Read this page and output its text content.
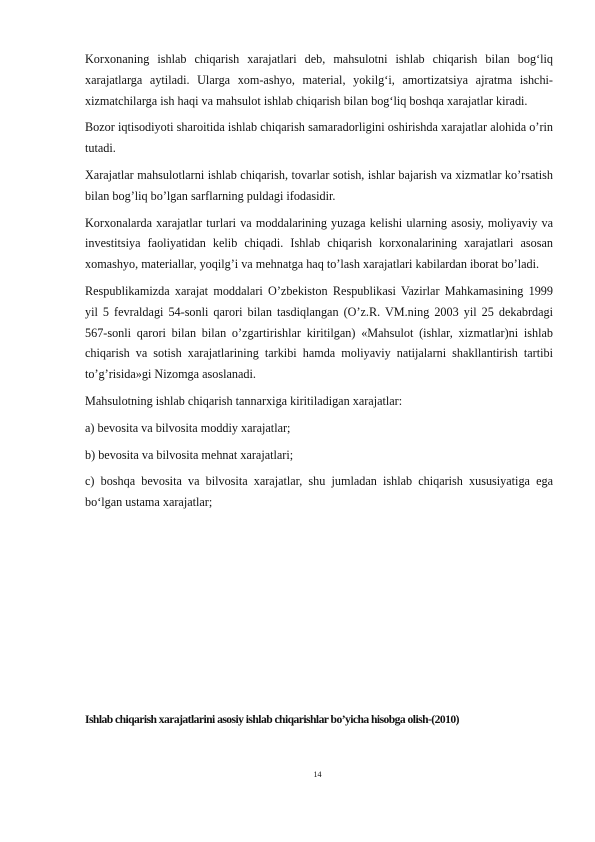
Korxonaning ishlab chiqarish xarajatlari deb, mahsulotni ishlab chiqarish bilan bog‘liq xarajatlarga aytiladi. Ularga xom-ashyo, material, yokilg‘i, amortizatsiya ajratma ishchi-xizmatchilarga ish haqi va mahsulot ishlab chiqarish bilan bog‘liq boshqa xarajatlar kiradi.

Bozor iqtisodiyoti sharoitida ishlab chiqarish samaradorligini oshirishda xarajatlar alohida o’rin tutadi.

Xarajatlar mahsulotlarni ishlab chiqarish, tovarlar sotish, ishlar bajarish va xizmatlar ko’rsatish bilan bog’liq bo’lgan sarflarning puldagi ifodasidir.

Korxonalarda xarajatlar turlari va moddalarining yuzaga kelishi ularning asosiy, moliyaviy va investitsiya faoliyatidan kelib chiqadi. Ishlab chiqarish korxonalarining xarajatlari asosan xomashyo, materiallar, yoqilg’i va mehnatga haq to’lash xarajatlari kabilardan iborat bo’ladi.

Respublikamizda xarajat moddalari O’zbekiston Respublikasi Vazirlar Mahkamasining 1999 yil 5 fevraldagi 54-sonli qarori bilan tasdiqlangan (O’z.R. VM.ning 2003 yil 25 dekabrdagi 567-sonli qarori bilan bilan o’zgartirishlar kiritilgan) «Mahsulot (ishlar, xizmatlar)ni ishlab chiqarish va sotish xarajatlarining tarkibi hamda moliyaviy natijalarni shakllantirish tartibi to’g’risida»gi Nizomga asoslanadi.

Mahsulotning ishlab chiqarish tannarxiga kiritiladigan xarajatlar:

a) bevosita va bilvosita moddiy xarajatlar;

b) bevosita va bilvosita mehnat xarajatlari;

c) boshqa bevosita va bilvosita xarajatlar, shu jumladan ishlab chiqarish xususiyatiga ega bo‘lgan ustama xarajatlar;

Ishlab chiqarish xarajatlarini asosiy ishlab chiqarishlar bo’yicha hisobga olish-(2010)
14
